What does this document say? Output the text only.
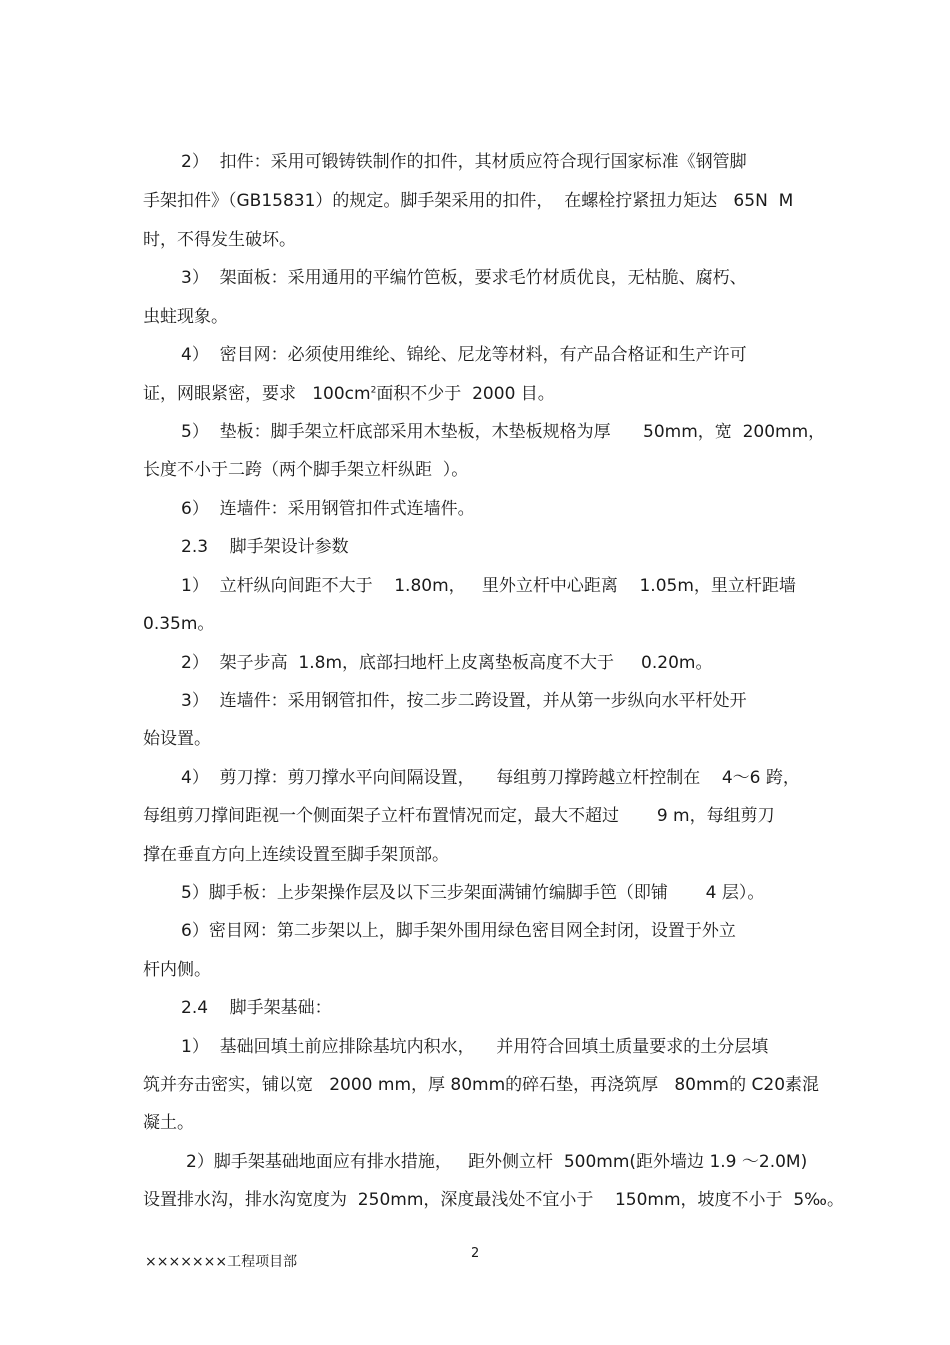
2）  扣件：采用可锻铸铁制作的扣件，其材质应符合现行国家标准《钢管脚
手架扣件》（GB15831）的规定。脚手架采用的扣件，  在螺栓拧紧扭力矩达   65N  M
时，不得发生破坏。
3）  架面板：采用通用的平编竹笆板，要求毛竹材质优良，无枯脆、腐朽、
虫蛀现象。
4）  密目网：必须使用维纶、锦纶、尼龙等材料，有产品合格证和生产许可
证，网眼紧密，要求   $100cm^2$面积不少于  2000 目。
5）  垫板：脚手架立杆底部采用木垫板，木垫板规格为厚      50mm，宽  200mm，
长度不小于二跨（两个脚手架立杆纵距  ）。
6）  连墙件：采用钢管扣件式连墙件。
2.3    脚手架设计参数
1）  立杆纵向间距不大于    1.80m，   里外立杆中心距离    1.05m，里立杆距墙
0.35m。
2）  架子步高  1.8m，底部扫地杆上皮离垫板高度不大于     0.20m。
3）  连墙件：采用钢管扣件，按二步二跨设置，并从第一步纵向水平杆处开
始设置。
4）  剪刀撑：剪刀撑水平向间隔设置，    每组剪刀撑跨越立杆控制在    4～6 跨，
每组剪刀撑间距视一个侧面架子立杆布置情况而定，最大不超过       9 m，每组剪刀
撑在垂直方向上连续设置至脚手架顶部。
5）脚手板：上步架操作层及以下三步架面满铺竹编脚手笆（即铺       4 层）。
6）密目网：第二步架以上，脚手架外围用绿色密目网全封闭，设置于外立
杆内侧。
2.4    脚手架基础：
1）  基础回填土前应排除基坑内积水，    并用符合回填土质量要求的土分层填
筑并夯击密实，铺以宽   2000 mm，厚 80mm的碎石垫，再浇筑厚   80mm的 C20素混
凝土。
2）脚手架基础地面应有排水措施，   距外侧立杆  500mm(距外墙边 1.9 ～2.0M)
设置排水沟，排水沟宽度为  250mm，深度最浅处不宜小于    150mm，坡度不小于  5‰。
×××××××工程项目部
2
